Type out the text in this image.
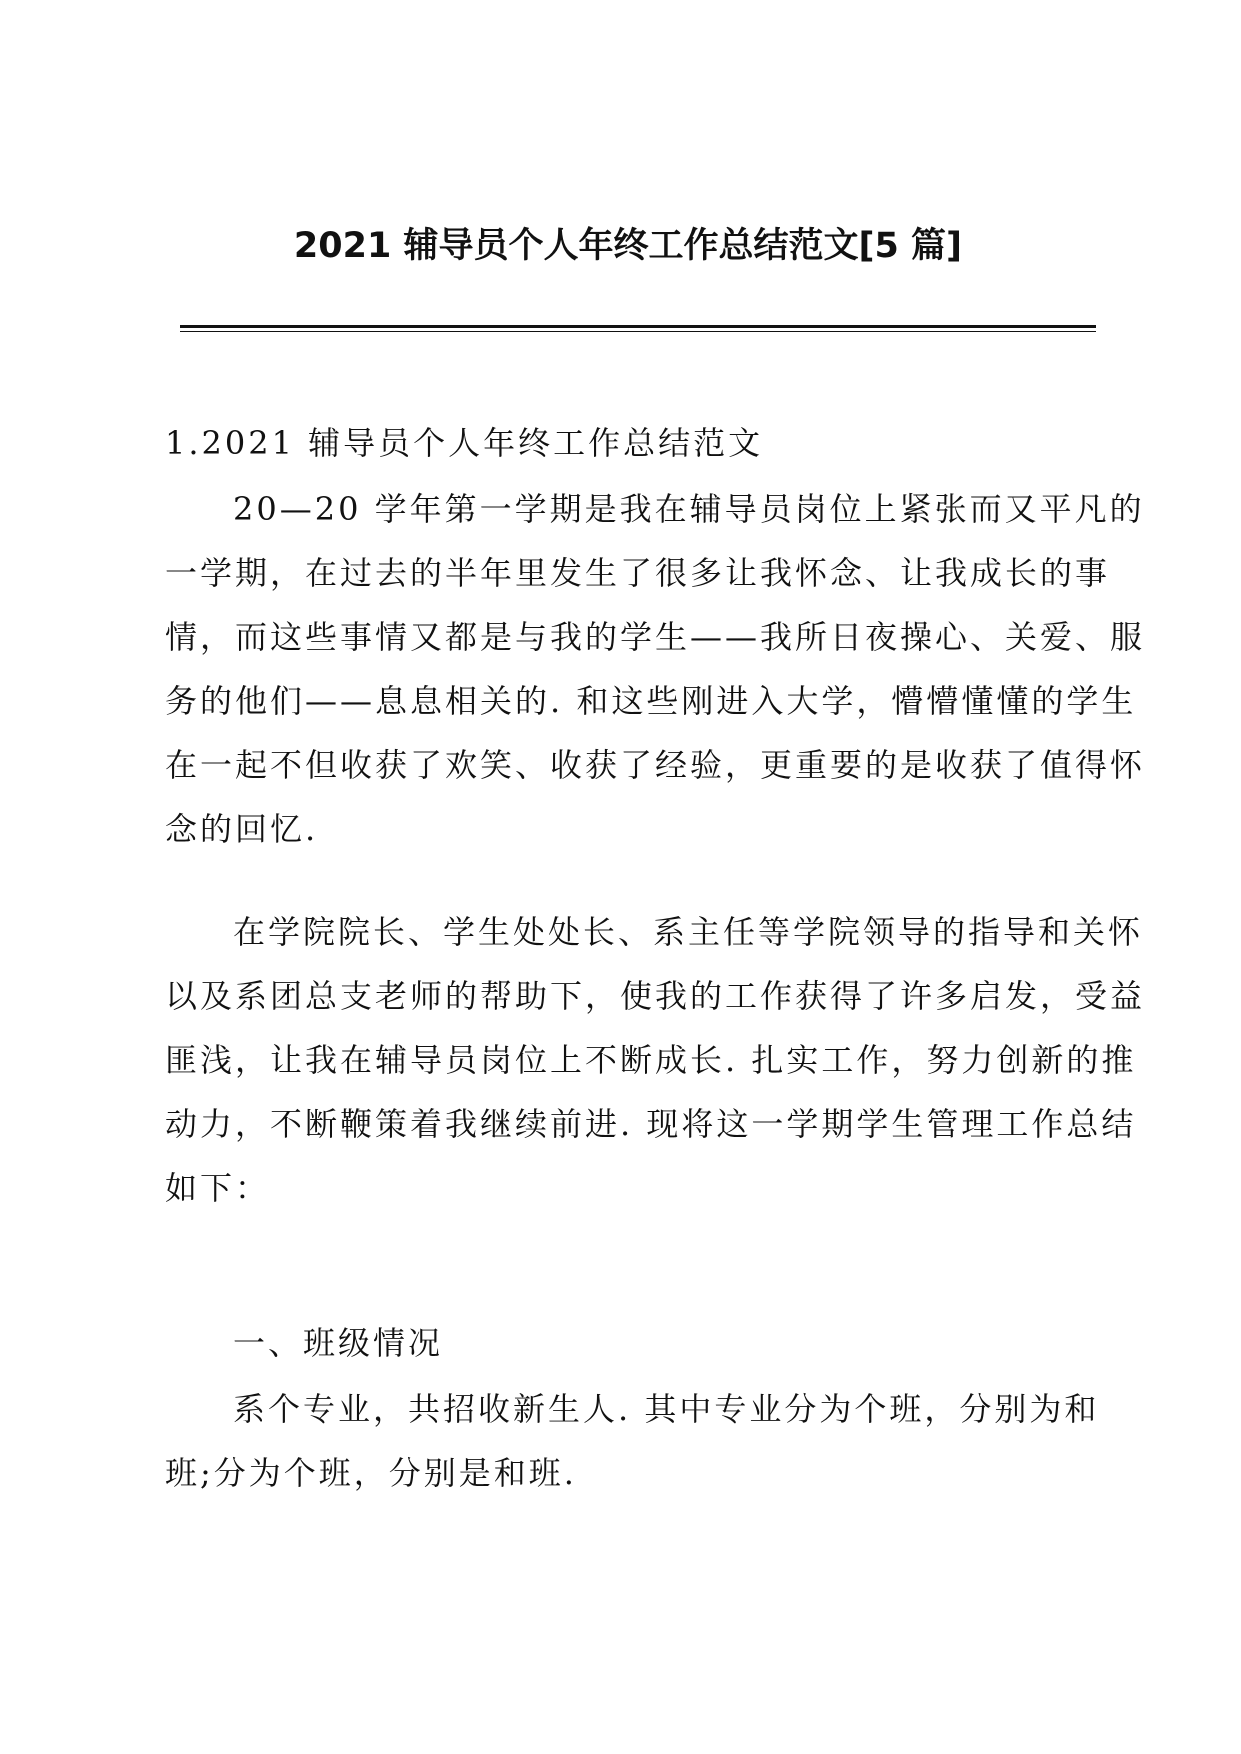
2021 辅导员个人年终工作总结范文[5 篇]

1.2021 辅导员个人年终工作总结范文

20—20 学年第一学期是我在辅导员岗位上紧张而又平凡的
一学期，在过去的半年里发生了很多让我怀念、让我成长的事
情，而这些事情又都是与我的学生——我所日夜操心、关爱、服
务的他们——息息相关的. 和这些刚进入大学，懵懵懂懂的学生
在一起不但收获了欢笑、收获了经验，更重要的是收获了值得怀
念的回忆.

在学院院长、学生处处长、系主任等学院领导的指导和关怀
以及系团总支老师的帮助下，使我的工作获得了许多启发，受益
匪浅，让我在辅导员岗位上不断成长. 扎实工作，努力创新的推
动力，不断鞭策着我继续前进. 现将这一学期学生管理工作总结
如下：

一、班级情况

系个专业，共招收新生人. 其中专业分为个班，分别为和
班;分为个班，分别是和班.
